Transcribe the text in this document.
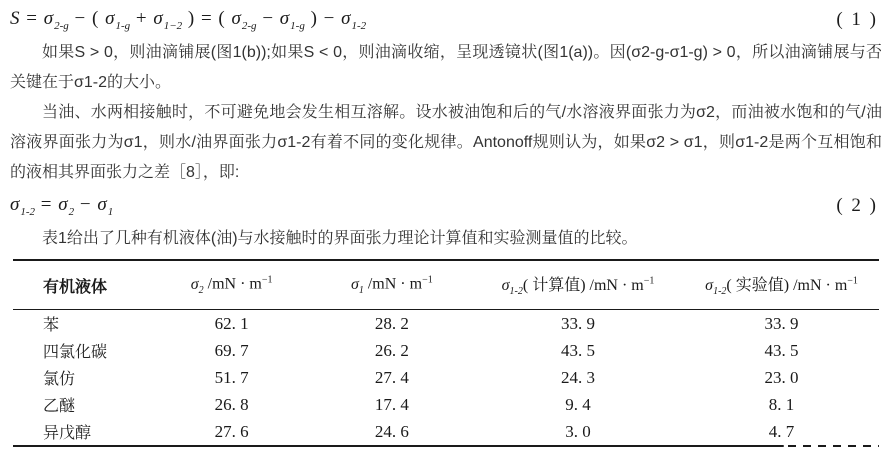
$S = \sigma_{2-g}$ − ( $\sigma_{1-g} + \sigma_{1-2}$ ) = ( $\sigma_{2-g} - \sigma_{1-g}$ ) − $\sigma_{1-2}$	( 1 )

如果S > 0，则油滴铺展(图1(b));如果S < 0，则油滴收缩，呈现透镜状(图1(a))。因(σ2-g-σ1-g) > 0，所以油滴铺展与否关键在于σ1-2的大小。

当油、水两相接触时，不可避免地会发生相互溶解。设水被油饱和后的气/水溶液界面张力为σ2，而油被水饱和的气/油溶液界面张力为σ1，则水/油界面张力σ1-2有着不同的变化规律。Antonoff规则认为，如果σ2 > σ1，则σ1-2是两个互相饱和的液相其界面张力之差［8］，即:

$\sigma_{1-2} = \sigma_2 - \sigma_1$	( 2 )

表1给出了几种有机液体(油)与水接触时的界面张力理论计算值和实验测量值的比较。

有机液体	$\sigma_2$ $/mN \cdot m^{-1}$	$\sigma_1$ $/mN \cdot m^{-1}$	$\sigma_{1-2}$( 计算值) $/mN \cdot m^{-1}$	$\sigma_{1-2}$( 实验值) $/mN \cdot m^{-1}$
苯	62. 1	28. 2	33. 9	33. 9
四氯化碳	69. 7	26. 2	43. 5	43. 5
氯仿	51. 7	27. 4	24. 3	23. 0
乙醚	26. 8	17. 4	9. 4	8. 1
异戊醇	27. 6	24. 6	3. 0	4. 7
